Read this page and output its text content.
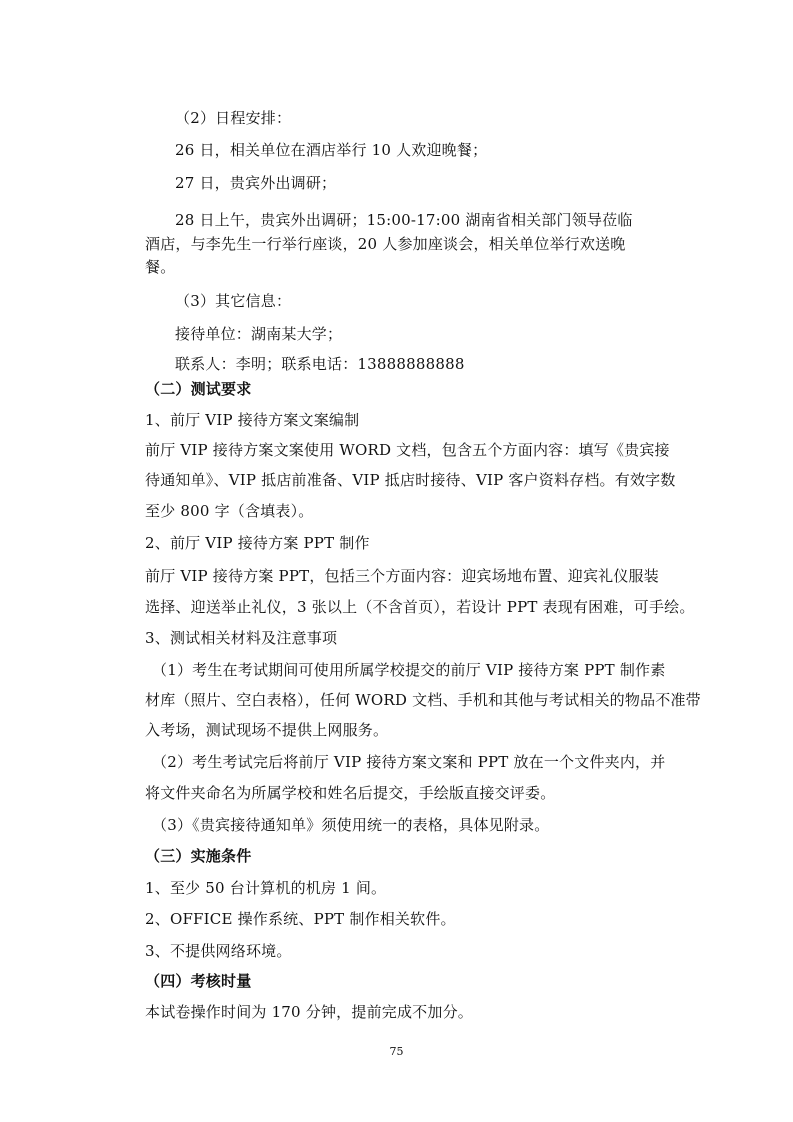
（2）日程安排：
26 日，相关单位在酒店举行 10 人欢迎晚餐；
27 日，贵宾外出调研；
28 日上午，贵宾外出调研；15:00-17:00 湖南省相关部门领导莅临
酒店，与李先生一行举行座谈，20 人参加座谈会，相关单位举行欢送晚
餐。
（3）其它信息：
接待单位：湖南某大学；
联系人：李明；联系电话：13888888888
（二）测试要求
1、前厅 VIP 接待方案文案编制
前厅 VIP 接待方案文案使用 WORD 文档，包含五个方面内容：填写《贵宾接
待通知单》、VIP 抵店前准备、VIP 抵店时接待、VIP 客户资料存档。有效字数
至少 800 字（含填表）。
2、前厅 VIP 接待方案 PPT 制作
前厅 VIP 接待方案 PPT，包括三个方面内容：迎宾场地布置、迎宾礼仪服装
选择、迎送举止礼仪，3 张以上（不含首页），若设计 PPT 表现有困难，可手绘。
3、测试相关材料及注意事项
（1）考生在考试期间可使用所属学校提交的前厅 VIP 接待方案 PPT 制作素
材库（照片、空白表格），任何 WORD 文档、手机和其他与考试相关的物品不准带
入考场，测试现场不提供上网服务。
（2）考生考试完后将前厅 VIP 接待方案文案和 PPT 放在一个文件夹内，并
将文件夹命名为所属学校和姓名后提交，手绘版直接交评委。
（3）《贵宾接待通知单》须使用统一的表格，具体见附录。
（三）实施条件
1、至少 50 台计算机的机房 1 间。
2、OFFICE 操作系统、PPT 制作相关软件。
3、不提供网络环境。
（四）考核时量
本试卷操作时间为 170 分钟，提前完成不加分。
75
